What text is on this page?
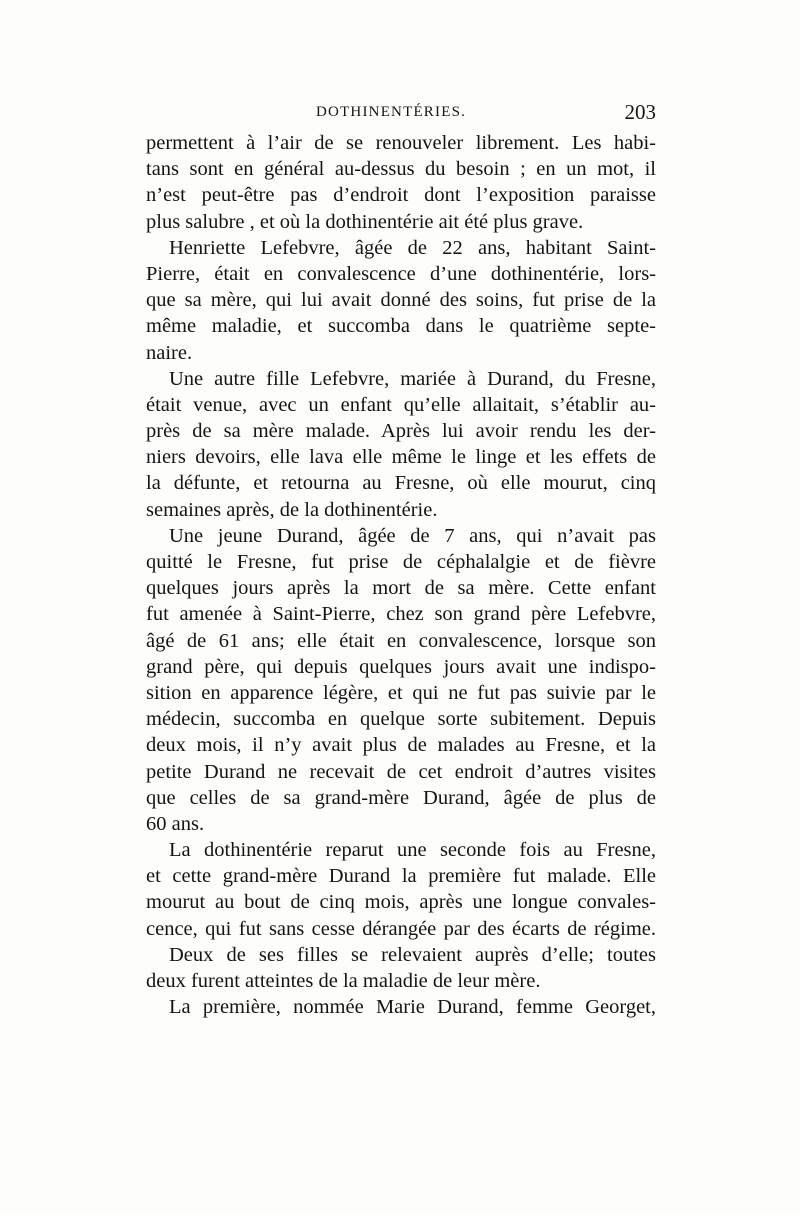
DOTHINENTÉRIES.	203
permettent à l’air de se renouveler librement. Les habi-
tans sont en général au-dessus du besoin ; en un mot, il
n’est peut-être pas d’endroit dont l’exposition paraisse
plus salubre , et où la dothinentérie ait été plus grave.
Henriette Lefebvre, âgée de 22 ans, habitant Saint-
Pierre, était en convalescence d’une dothinentérie, lors-
que sa mère, qui lui avait donné des soins, fut prise de la
même maladie, et succomba dans le quatrième septe-
naire.
Une autre fille Lefebvre, mariée à Durand, du Fresne,
était venue, avec un enfant qu’elle allaitait, s’établir au-
près de sa mère malade. Après lui avoir rendu les der-
niers devoirs, elle lava elle même le linge et les effets de
la défunte, et retourna au Fresne, où elle mourut, cinq
semaines après, de la dothinentérie.
Une jeune Durand, âgée de 7 ans, qui n’avait pas
quitté le Fresne, fut prise de céphalalgie et de fièvre
quelques jours après la mort de sa mère. Cette enfant
fut amenée à Saint-Pierre, chez son grand père Lefebvre,
âgé de 61 ans; elle était en convalescence, lorsque son
grand père, qui depuis quelques jours avait une indispo-
sition en apparence légère, et qui ne fut pas suivie par le
médecin, succomba en quelque sorte subitement. Depuis
deux mois, il n’y avait plus de malades au Fresne, et la
petite Durand ne recevait de cet endroit d’autres visites
que celles de sa grand-mère Durand, âgée de plus de
60 ans.
La dothinentérie reparut une seconde fois au Fresne,
et cette grand-mère Durand la première fut malade. Elle
mourut au bout de cinq mois, après une longue convales-
cence, qui fut sans cesse dérangée par des écarts de régime.
Deux de ses filles se relevaient auprès d’elle; toutes
deux furent atteintes de la maladie de leur mère.
La première, nommée Marie Durand, femme Georget,
